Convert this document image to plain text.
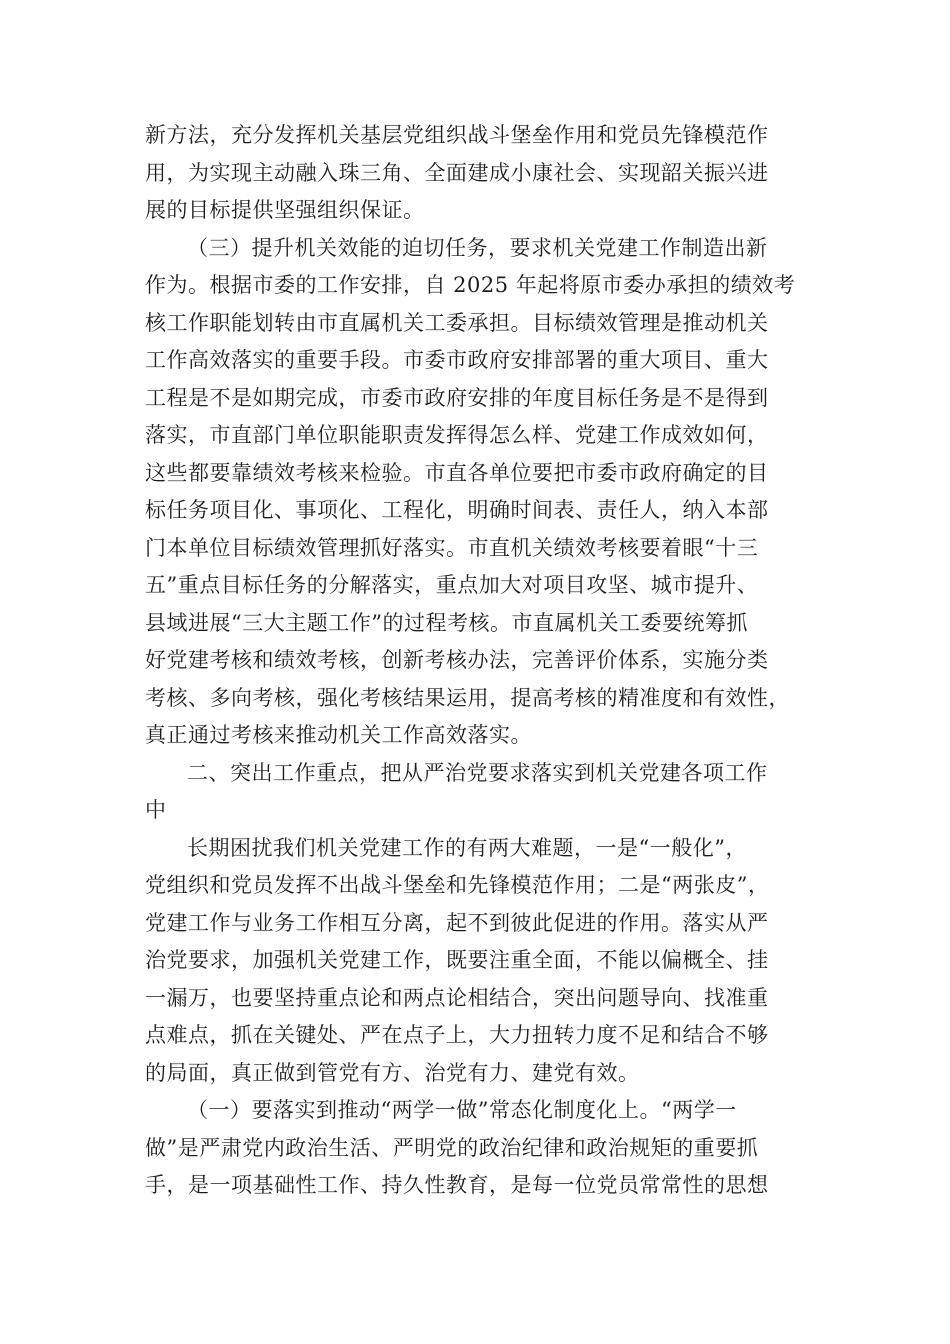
新方法，充分发挥机关基层党组织战斗堡垒作用和党员先锋模范作
用，为实现主动融入珠三角、全面建成小康社会、实现韶关振兴进
展的目标提供坚强组织保证。
（三）提升机关效能的迫切任务，要求机关党建工作制造出新
作为。根据市委的工作安排，自 2025 年起将原市委办承担的绩效考
核工作职能划转由市直属机关工委承担。目标绩效管理是推动机关
工作高效落实的重要手段。市委市政府安排部署的重大项目、重大
工程是不是如期完成，市委市政府安排的年度目标任务是不是得到
落实，市直部门单位职能职责发挥得怎么样、党建工作成效如何，
这些都要靠绩效考核来检验。市直各单位要把市委市政府确定的目
标任务项目化、事项化、工程化，明确时间表、责任人，纳入本部
门本单位目标绩效管理抓好落实。市直机关绩效考核要着眼“十三
五”重点目标任务的分解落实，重点加大对项目攻坚、城市提升、
县域进展“三大主题工作”的过程考核。市直属机关工委要统筹抓
好党建考核和绩效考核，创新考核办法，完善评价体系，实施分类
考核、多向考核，强化考核结果运用，提高考核的精准度和有效性，
真正通过考核来推动机关工作高效落实。
二、突出工作重点，把从严治党要求落实到机关党建各项工作
中
长期困扰我们机关党建工作的有两大难题，一是“一般化”，
党组织和党员发挥不出战斗堡垒和先锋模范作用；二是“两张皮”，
党建工作与业务工作相互分离，起不到彼此促进的作用。落实从严
治党要求，加强机关党建工作，既要注重全面，不能以偏概全、挂
一漏万，也要坚持重点论和两点论相结合，突出问题导向、找准重
点难点，抓在关键处、严在点子上，大力扭转力度不足和结合不够
的局面，真正做到管党有方、治党有力、建党有效。
（一）要落实到推动“两学一做”常态化制度化上。“两学一
做”是严肃党内政治生活、严明党的政治纪律和政治规矩的重要抓
手，是一项基础性工作、持久性教育，是每一位党员常常性的思想
